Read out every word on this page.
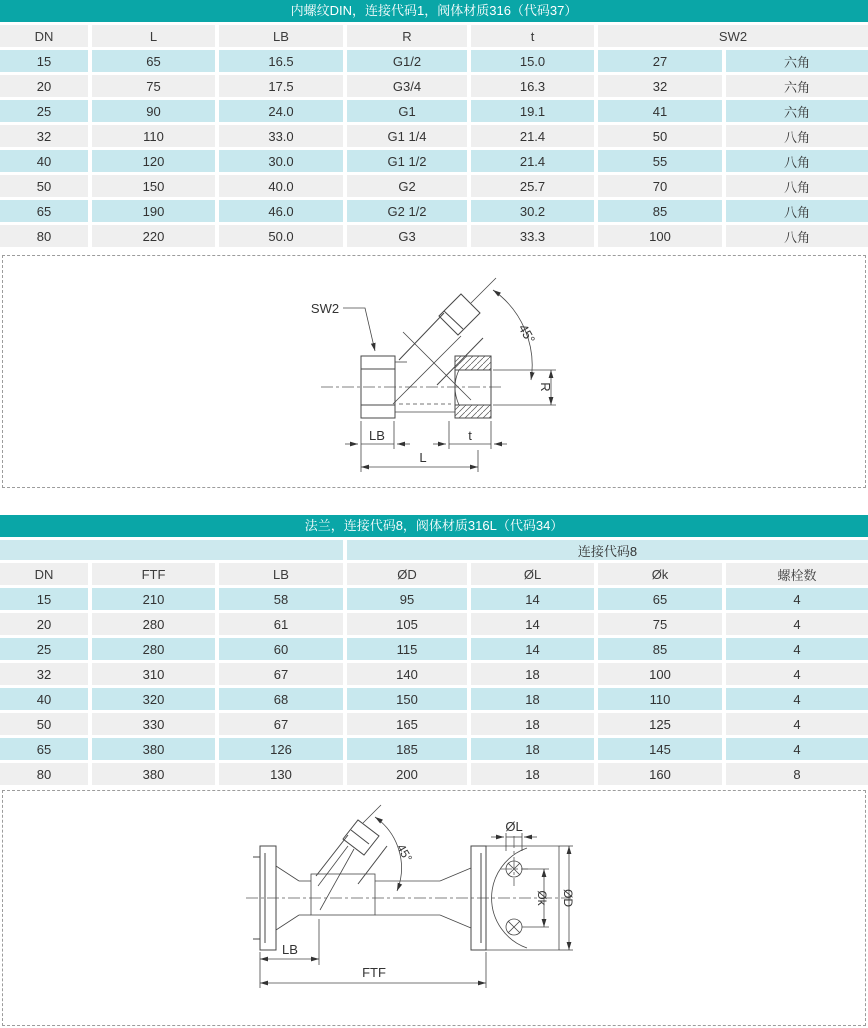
内螺纹DIN，连接代码1，阀体材质316（代码37）
DN	L	LB	R	t	SW2
15	65	16.5	G1/2	15.0	27	六角
20	75	17.5	G3/4	16.3	32	六角
25	90	24.0	G1	19.1	41	六角
32	110	33.0	G1 1/4	21.4	50	八角
40	120	30.0	G1 1/2	21.4	55	八角
50	150	40.0	G2	25.7	70	八角
65	190	46.0	G2 1/2	30.2	85	八角
80	220	50.0	G3	33.3	100	八角
45°
R
SW2
LB	t
L
法兰，连接代码8，阀体材质316L（代码34）
连接代码8
DN	FTF	LB	ØD	ØL	Øk	螺栓数
15	210	58	95	14	65	4
20	280	61	105	14	75	4
25	280	60	115	14	85	4
32	310	67	140	18	100	4
40	320	68	150	18	110	4
50	330	67	165	18	125	4
65	380	126	185	18	145	4
80	380	130	200	18	160	8
ØL
45°
Øk ØD
LB
FTF
